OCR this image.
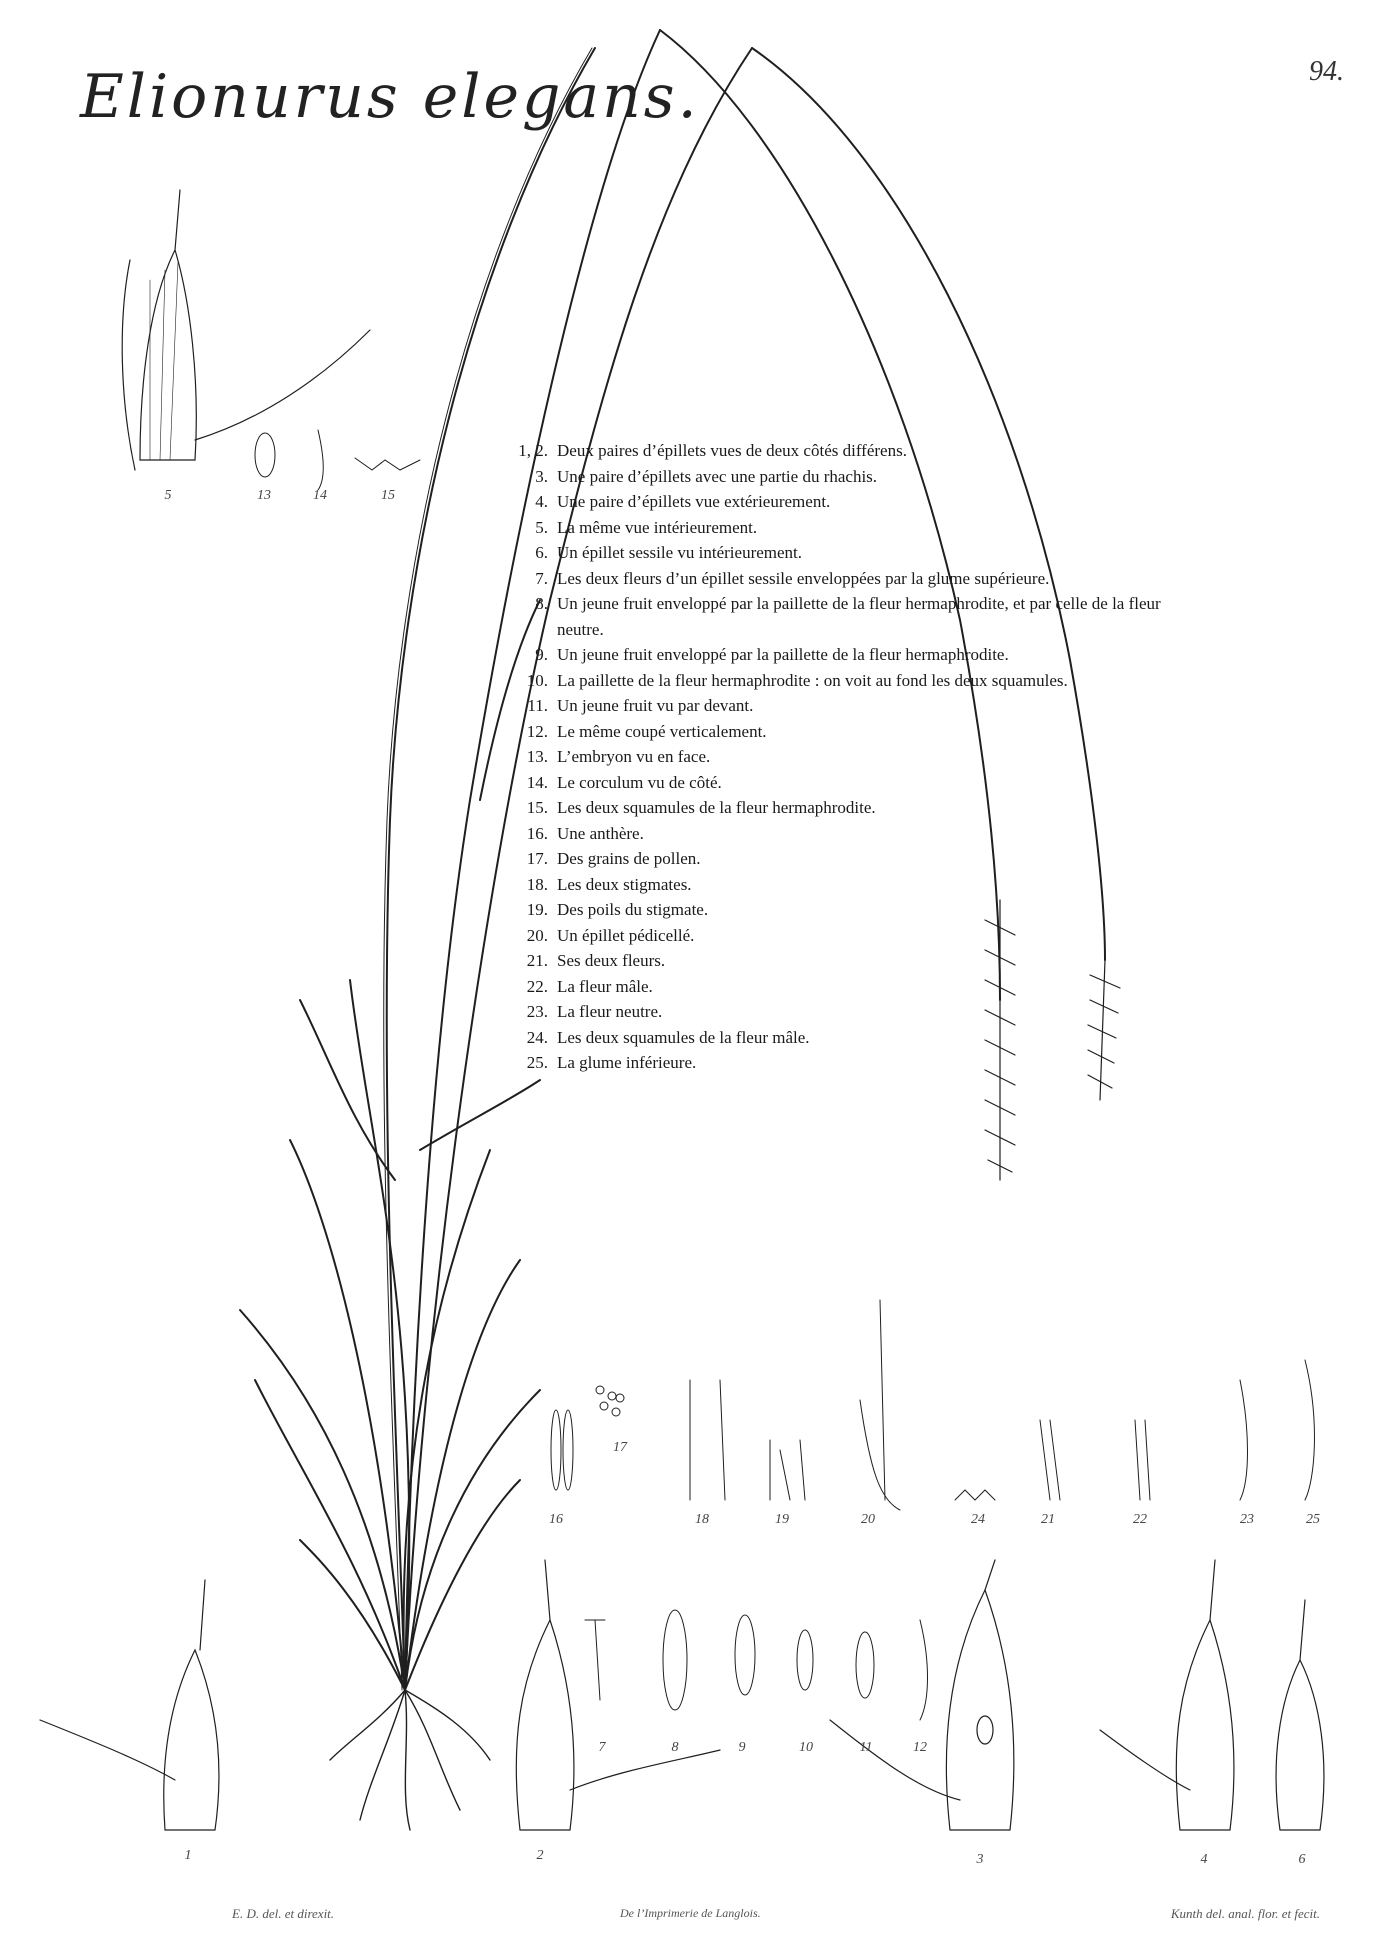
Elionurus elegans.	94.
1, 2. Deux paires d’épillets vues de deux côtés différens.
3. Une paire d’épillets avec une partie du rhachis.
4. Une paire d’épillets vue extérieurement.
5. La même vue intérieurement.
6. Un épillet sessile vu intérieurement.
7. Les deux fleurs d’un épillet sessile enveloppées par la glume supérieure.
8. Un jeune fruit enveloppé par la paillette de la fleur hermaphrodite, et par celle de la fleur neutre.
9. Un jeune fruit enveloppé par la paillette de la fleur hermaphrodite.
10. La paillette de la fleur hermaphrodite : on voit au fond les deux squamules.
11. Un jeune fruit vu par devant.
12. Le même coupé verticalement.
13. L’embryon vu en face.
14. Le corculum vu de côté.
15. Les deux squamules de la fleur hermaphrodite.
16. Une anthère.
17. Des grains de pollen.
18. Les deux stigmates.
19. Des poils du stigmate.
20. Un épillet pédicellé.
21. Ses deux fleurs.
22. La fleur mâle.
23. La fleur neutre.
24. Les deux squamules de la fleur mâle.
25. La glume inférieure.
5	13	14	15
16
17
18	19	20	24	21	22	23	25
7	8	9	10	11	12
1	2	3	4	6
E. D. del. et direxit.	De l’Imprimerie de Langlois.	Kunth del. anal. flor. et fecit.
